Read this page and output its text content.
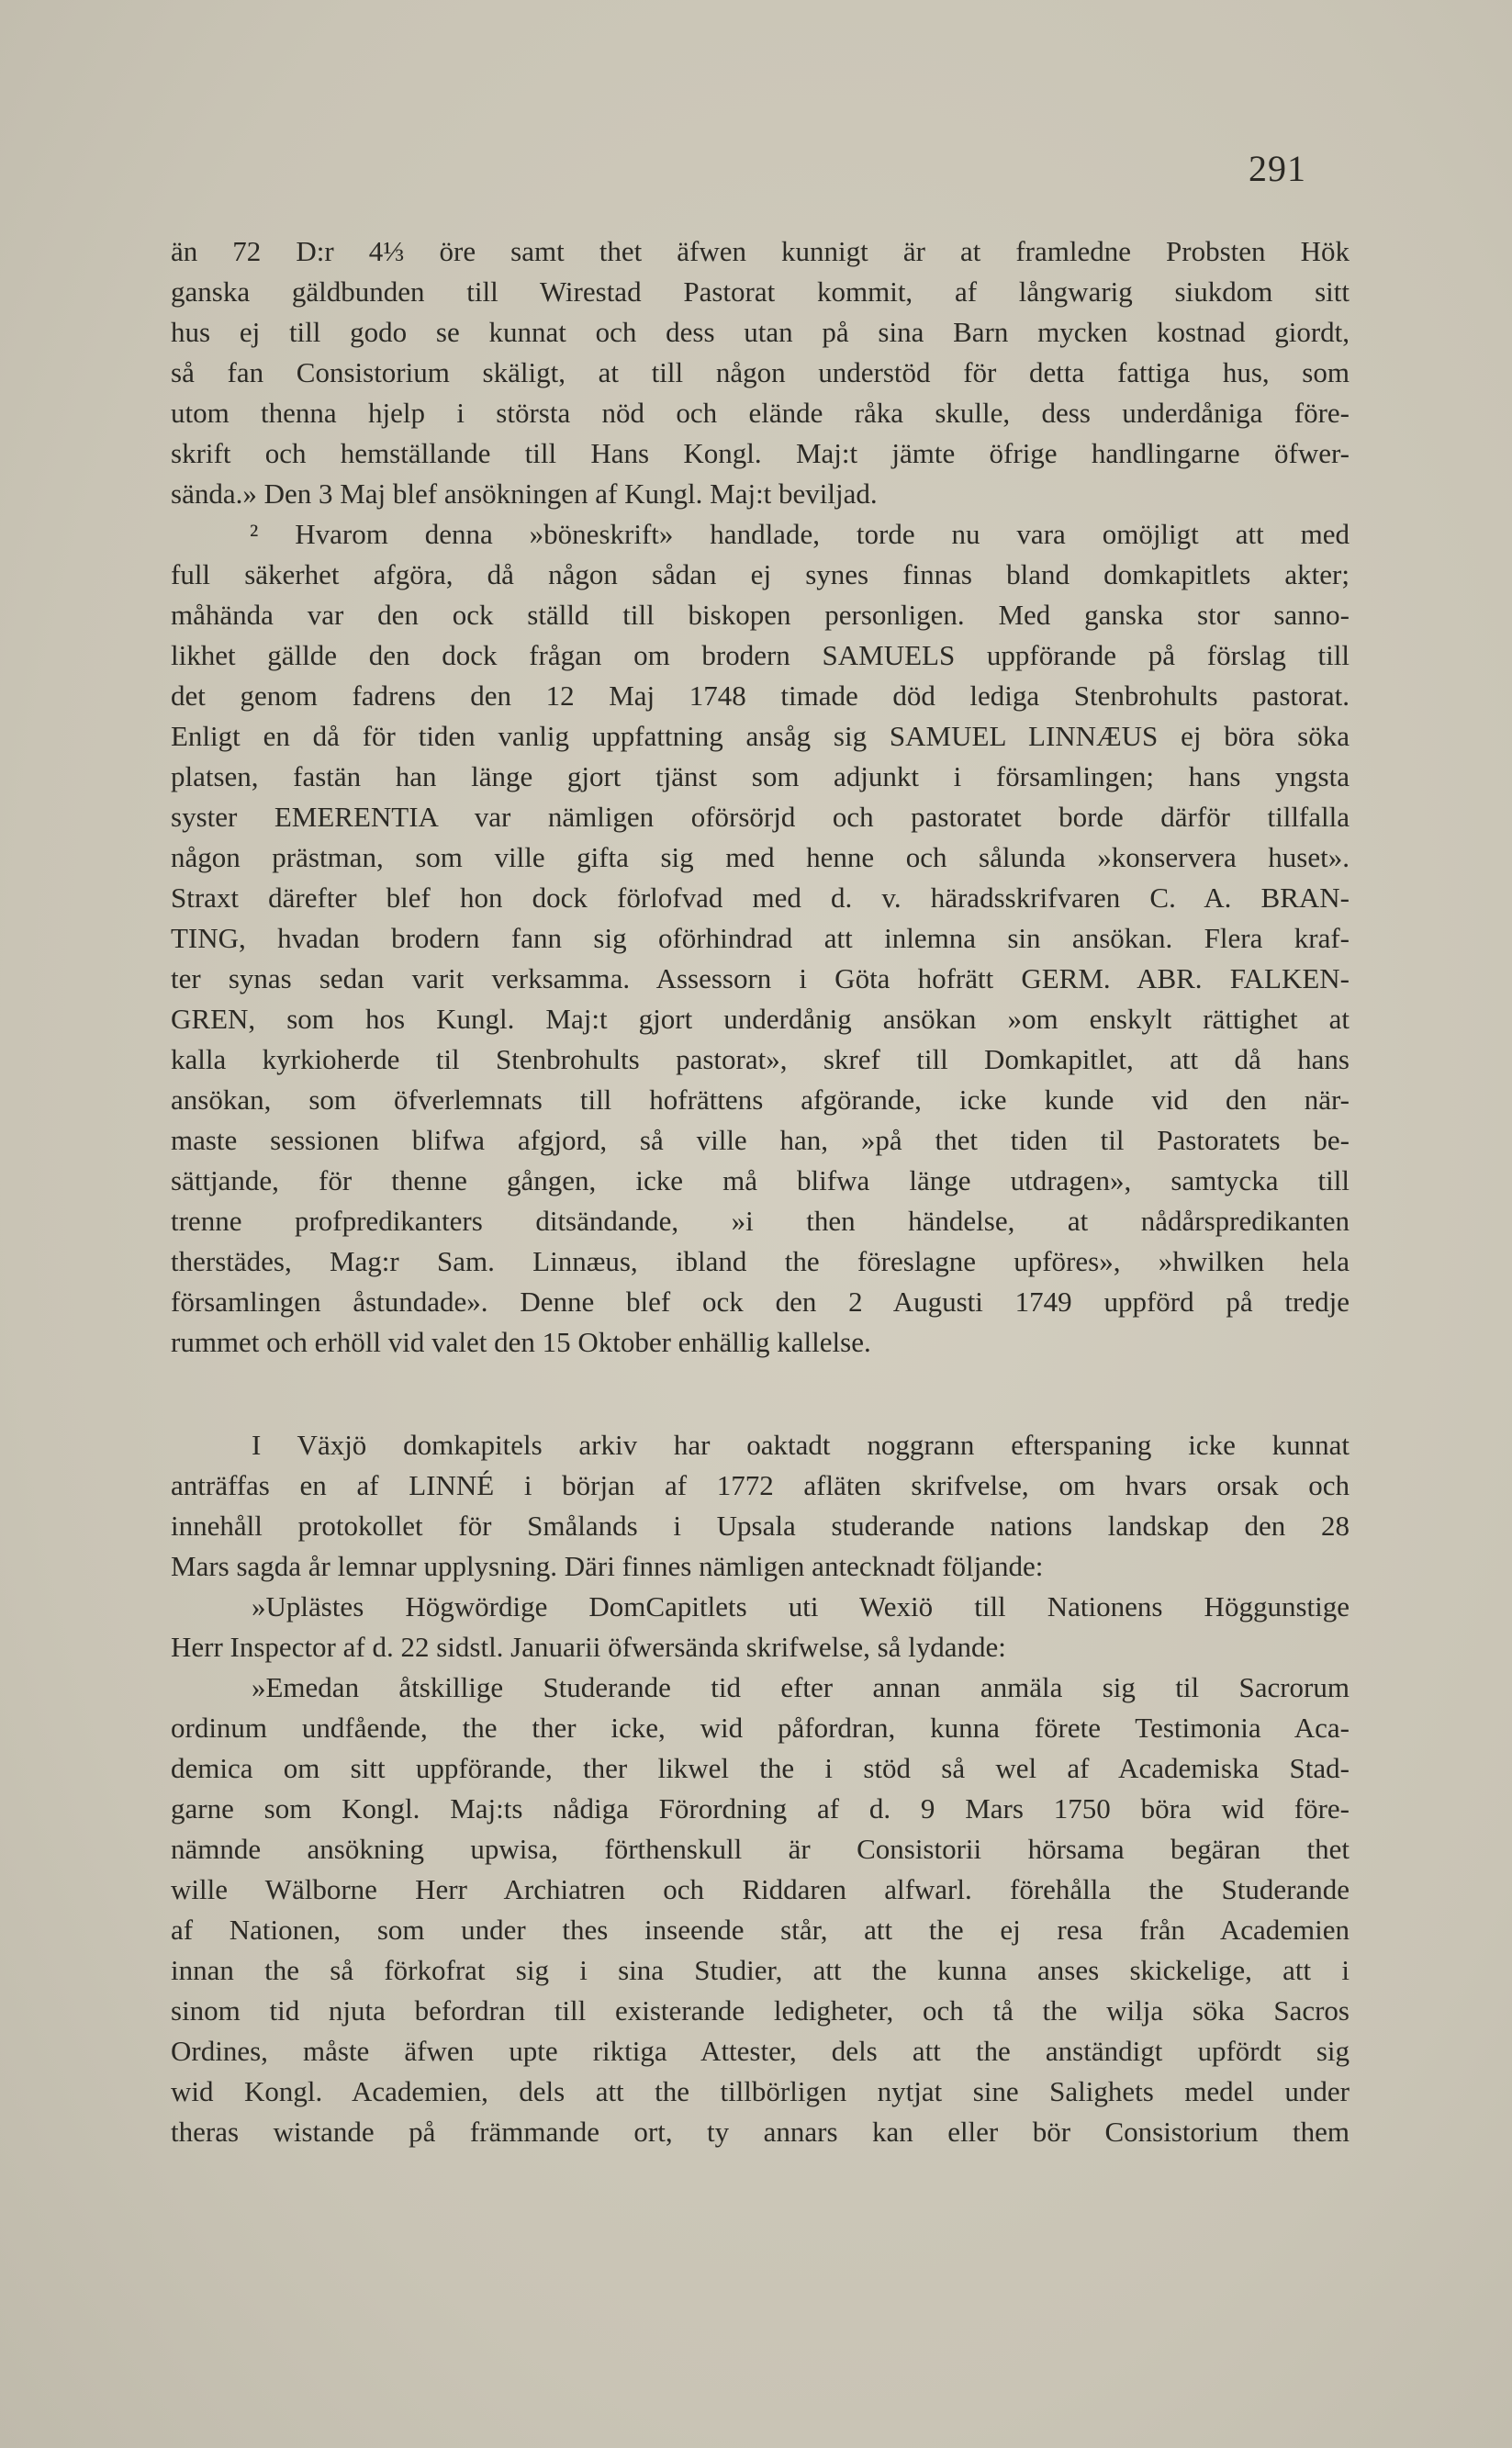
291
än 72 D:r 4⅓ öre samt thet äfwen kunnigt är at framledne Probsten Hök
ganska gäldbunden till Wirestad Pastorat kommit, af långwarig siukdom sitt
hus ej till godo se kunnat och dess utan på sina Barn mycken kostnad giordt,
så fan Consistorium skäligt, at till någon understöd för detta fattiga hus, som
utom thenna hjelp i största nöd och elände råka skulle, dess underdåniga före-
skrift och hemställande till Hans Kongl. Maj:t jämte öfrige handlingarne öfwer-
sända.» Den 3 Maj blef ansökningen af Kungl. Maj:t beviljad.
² Hvarom denna »böneskrift» handlade, torde nu vara omöjligt att med
full säkerhet afgöra, då någon sådan ej synes finnas bland domkapitlets akter;
måhända var den ock ställd till biskopen personligen. Med ganska stor sanno-
likhet gällde den dock frågan om brodern SAMUELS uppförande på förslag till
det genom fadrens den 12 Maj 1748 timade död lediga Stenbrohults pastorat.
Enligt en då för tiden vanlig uppfattning ansåg sig SAMUEL LINNÆUS ej böra söka
platsen, fastän han länge gjort tjänst som adjunkt i församlingen; hans yngsta
syster EMERENTIA var nämligen oförsörjd och pastoratet borde därför tillfalla
någon prästman, som ville gifta sig med henne och sålunda »konservera huset».
Straxt därefter blef hon dock förlofvad med d. v. häradsskrifvaren C. A. BRAN-
TING, hvadan brodern fann sig oförhindrad att inlemna sin ansökan. Flera kraf-
ter synas sedan varit verksamma. Assessorn i Göta hofrätt GERM. ABR. FALKEN-
GREN, som hos Kungl. Maj:t gjort underdånig ansökan »om enskylt rättighet at
kalla kyrkioherde til Stenbrohults pastorat», skref till Domkapitlet, att då hans
ansökan, som öfverlemnats till hofrättens afgörande, icke kunde vid den när-
maste sessionen blifwa afgjord, så ville han, »på thet tiden til Pastoratets be-
sättjande, för thenne gången, icke må blifwa länge utdragen», samtycka till
trenne profpredikanters ditsändande, »i then händelse, at nådårspredikanten
therstädes, Mag:r Sam. Linnæus, ibland the föreslagne upföres», »hwilken hela
församlingen åstundade». Denne blef ock den 2 Augusti 1749 uppförd på tredje
rummet och erhöll vid valet den 15 Oktober enhällig kallelse.
I Växjö domkapitels arkiv har oaktadt noggrann efterspaning icke kunnat
anträffas en af LINNÉ i början af 1772 afläten skrifvelse, om hvars orsak och
innehåll protokollet för Smålands i Upsala studerande nations landskap den 28
Mars sagda år lemnar upplysning. Däri finnes nämligen antecknadt följande:
»Uplästes Högwördige DomCapitlets uti Wexiö till Nationens Höggunstige
Herr Inspector af d. 22 sidstl. Januarii öfwersända skrifwelse, så lydande:
»Emedan åtskillige Studerande tid efter annan anmäla sig til Sacrorum
ordinum undfående, the ther icke, wid påfordran, kunna förete Testimonia Aca-
demica om sitt uppförande, ther likwel the i stöd så wel af Academiska Stad-
garne som Kongl. Maj:ts nådiga Förordning af d. 9 Mars 1750 böra wid före-
nämnde ansökning upwisa, förthenskull är Consistorii hörsama begäran thet
wille Wälborne Herr Archiatren och Riddaren alfwarl. förehålla the Studerande
af Nationen, som under thes inseende står, att the ej resa från Academien
innan the så förkofrat sig i sina Studier, att the kunna anses skickelige, att i
sinom tid njuta befordran till existerande ledigheter, och tå the wilja söka Sacros
Ordines, måste äfwen upte riktiga Attester, dels att the anständigt upfördt sig
wid Kongl. Academien, dels att the tillbörligen nytjat sine Salighets medel under
theras wistande på främmande ort, ty annars kan eller bör Consistorium them
